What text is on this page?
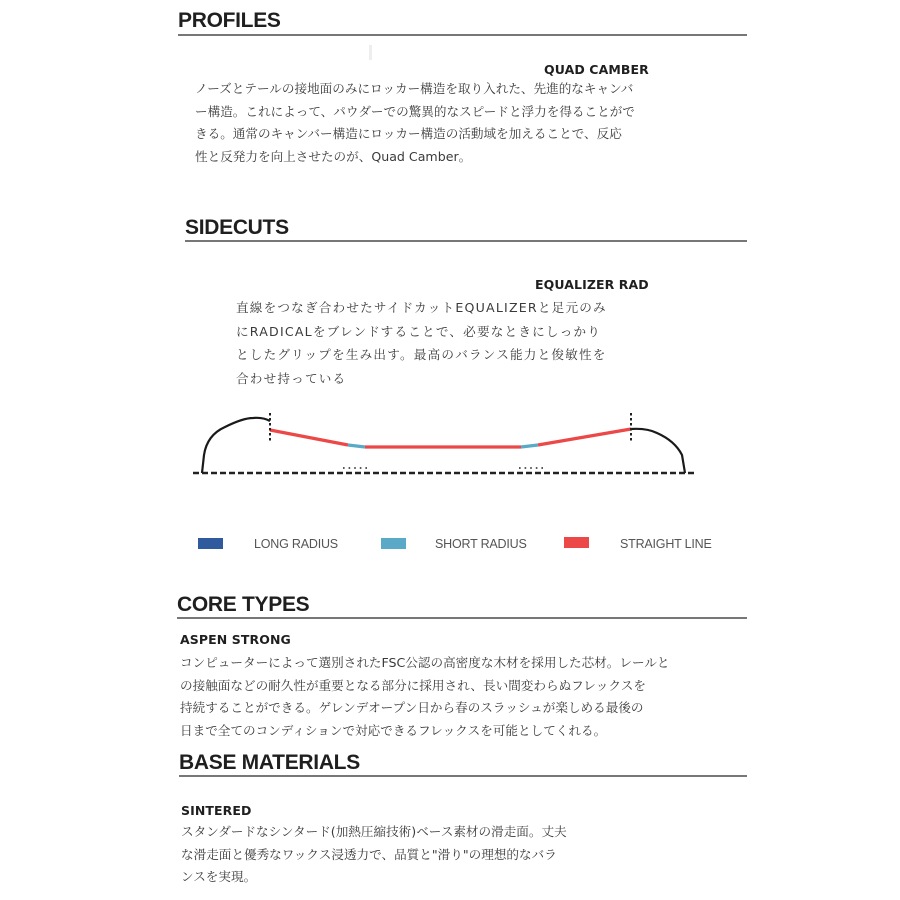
PROFILES
QUAD CAMBER
ノーズとテールの接地面のみにロッカー構造を取り入れた、先進的なキャンバ
ー構造。これによって、パウダーでの驚異的なスピードと浮力を得ることがで
きる。通常のキャンバー構造にロッカー構造の活動域を加えることで、反応
性と反発力を向上させたのが、Quad Camber。
SIDECUTS
EQUALIZER RAD
直線をつなぎ合わせたサイドカットEQUALIZERと足元のみ
にRADICALをブレンドすることで、必要なときにしっかり
としたグリップを生み出す。最高のバランス能力と俊敏性を
合わせ持っている
LONG RADIUS	SHORT RADIUS	STRAIGHT LINE
CORE TYPES
ASPEN STRONG
コンピューターによって選別されたFSC公認の高密度な木材を採用した芯材。レールと
の接触面などの耐久性が重要となる部分に採用され、長い間変わらぬフレックスを
持続することができる。ゲレンデオープン日から春のスラッシュが楽しめる最後の
日まで全てのコンディションで対応できるフレックスを可能としてくれる。
BASE MATERIALS
SINTERED
スタンダードなシンタード(加熱圧縮技術)ベース素材の滑走面。丈夫
な滑走面と優秀なワックス浸透力で、品質と"滑り"の理想的なバラ
ンスを実現。
